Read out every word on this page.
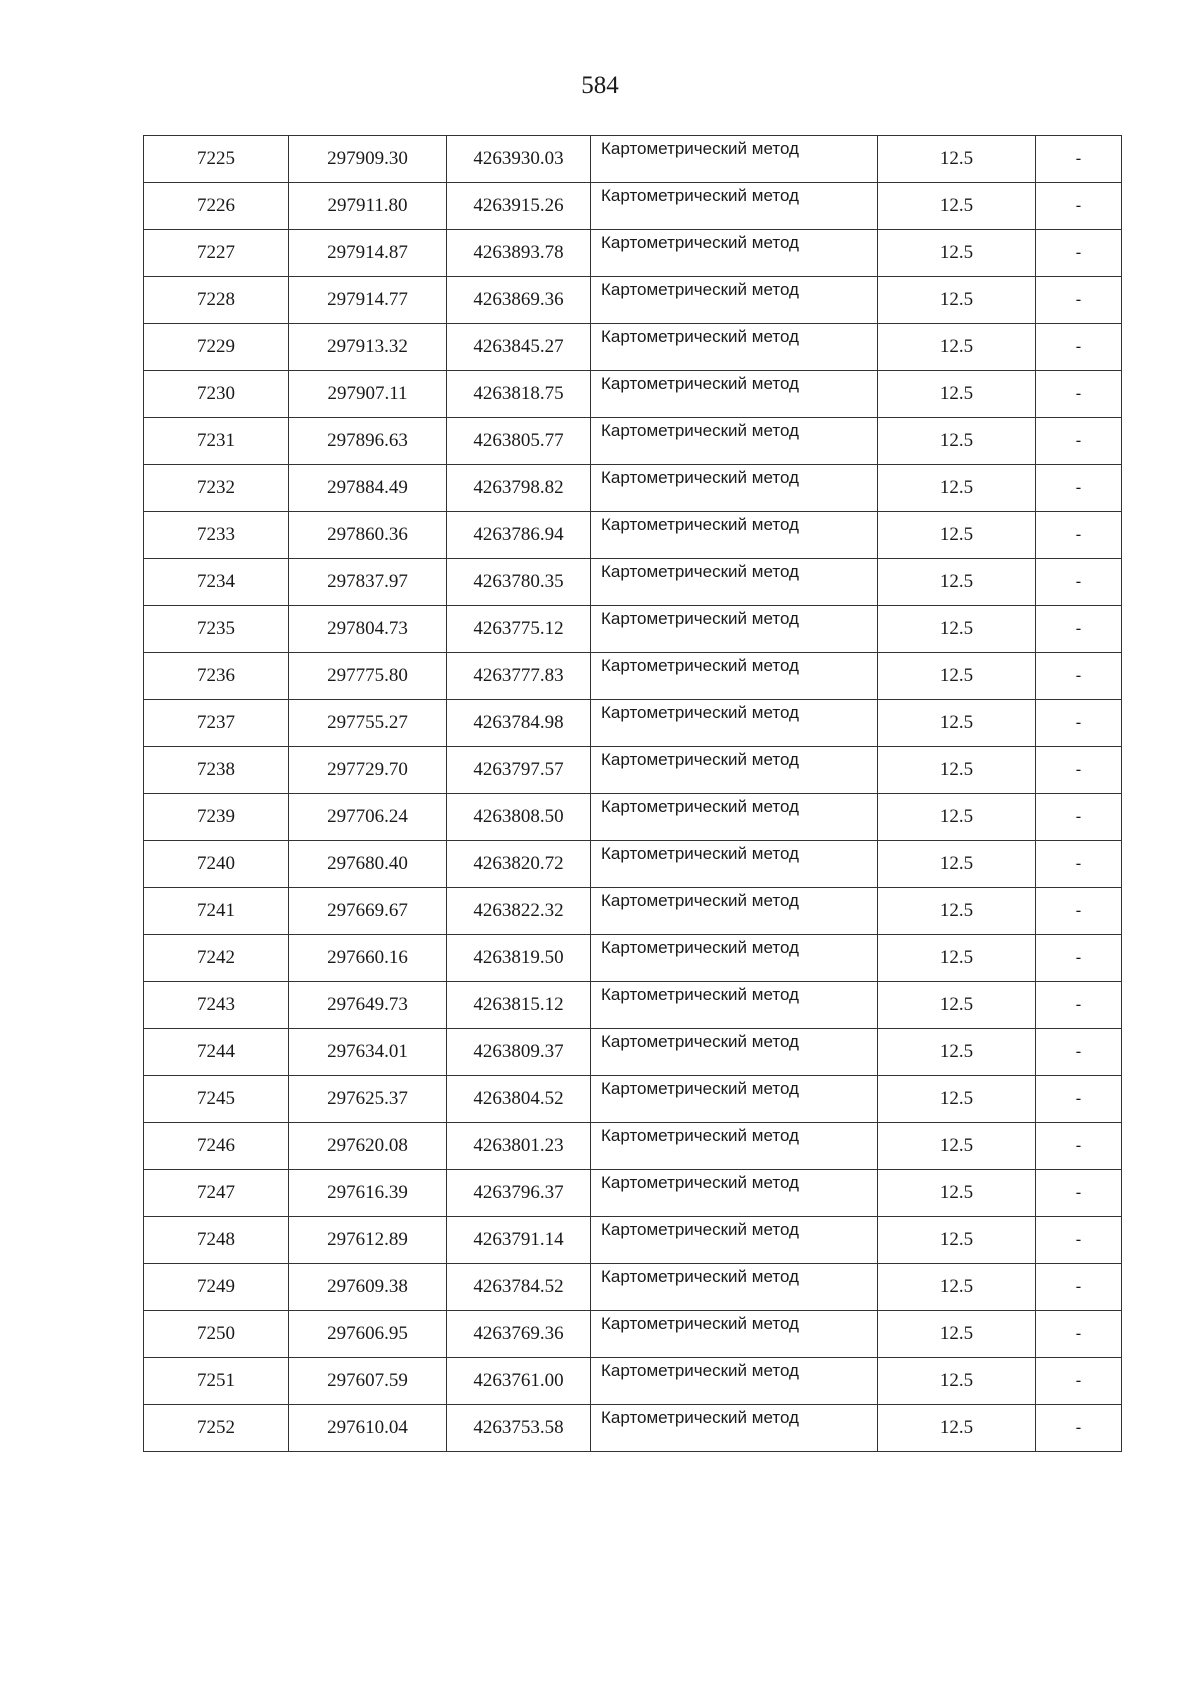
584
7225	297909.30	4263930.03	Картометрический метод	12.5	-
7226	297911.80	4263915.26	Картометрический метод	12.5	-
7227	297914.87	4263893.78	Картометрический метод	12.5	-
7228	297914.77	4263869.36	Картометрический метод	12.5	-
7229	297913.32	4263845.27	Картометрический метод	12.5	-
7230	297907.11	4263818.75	Картометрический метод	12.5	-
7231	297896.63	4263805.77	Картометрический метод	12.5	-
7232	297884.49	4263798.82	Картометрический метод	12.5	-
7233	297860.36	4263786.94	Картометрический метод	12.5	-
7234	297837.97	4263780.35	Картометрический метод	12.5	-
7235	297804.73	4263775.12	Картометрический метод	12.5	-
7236	297775.80	4263777.83	Картометрический метод	12.5	-
7237	297755.27	4263784.98	Картометрический метод	12.5	-
7238	297729.70	4263797.57	Картометрический метод	12.5	-
7239	297706.24	4263808.50	Картометрический метод	12.5	-
7240	297680.40	4263820.72	Картометрический метод	12.5	-
7241	297669.67	4263822.32	Картометрический метод	12.5	-
7242	297660.16	4263819.50	Картометрический метод	12.5	-
7243	297649.73	4263815.12	Картометрический метод	12.5	-
7244	297634.01	4263809.37	Картометрический метод	12.5	-
7245	297625.37	4263804.52	Картометрический метод	12.5	-
7246	297620.08	4263801.23	Картометрический метод	12.5	-
7247	297616.39	4263796.37	Картометрический метод	12.5	-
7248	297612.89	4263791.14	Картометрический метод	12.5	-
7249	297609.38	4263784.52	Картометрический метод	12.5	-
7250	297606.95	4263769.36	Картометрический метод	12.5	-
7251	297607.59	4263761.00	Картометрический метод	12.5	-
7252	297610.04	4263753.58	Картометрический метод	12.5	-
